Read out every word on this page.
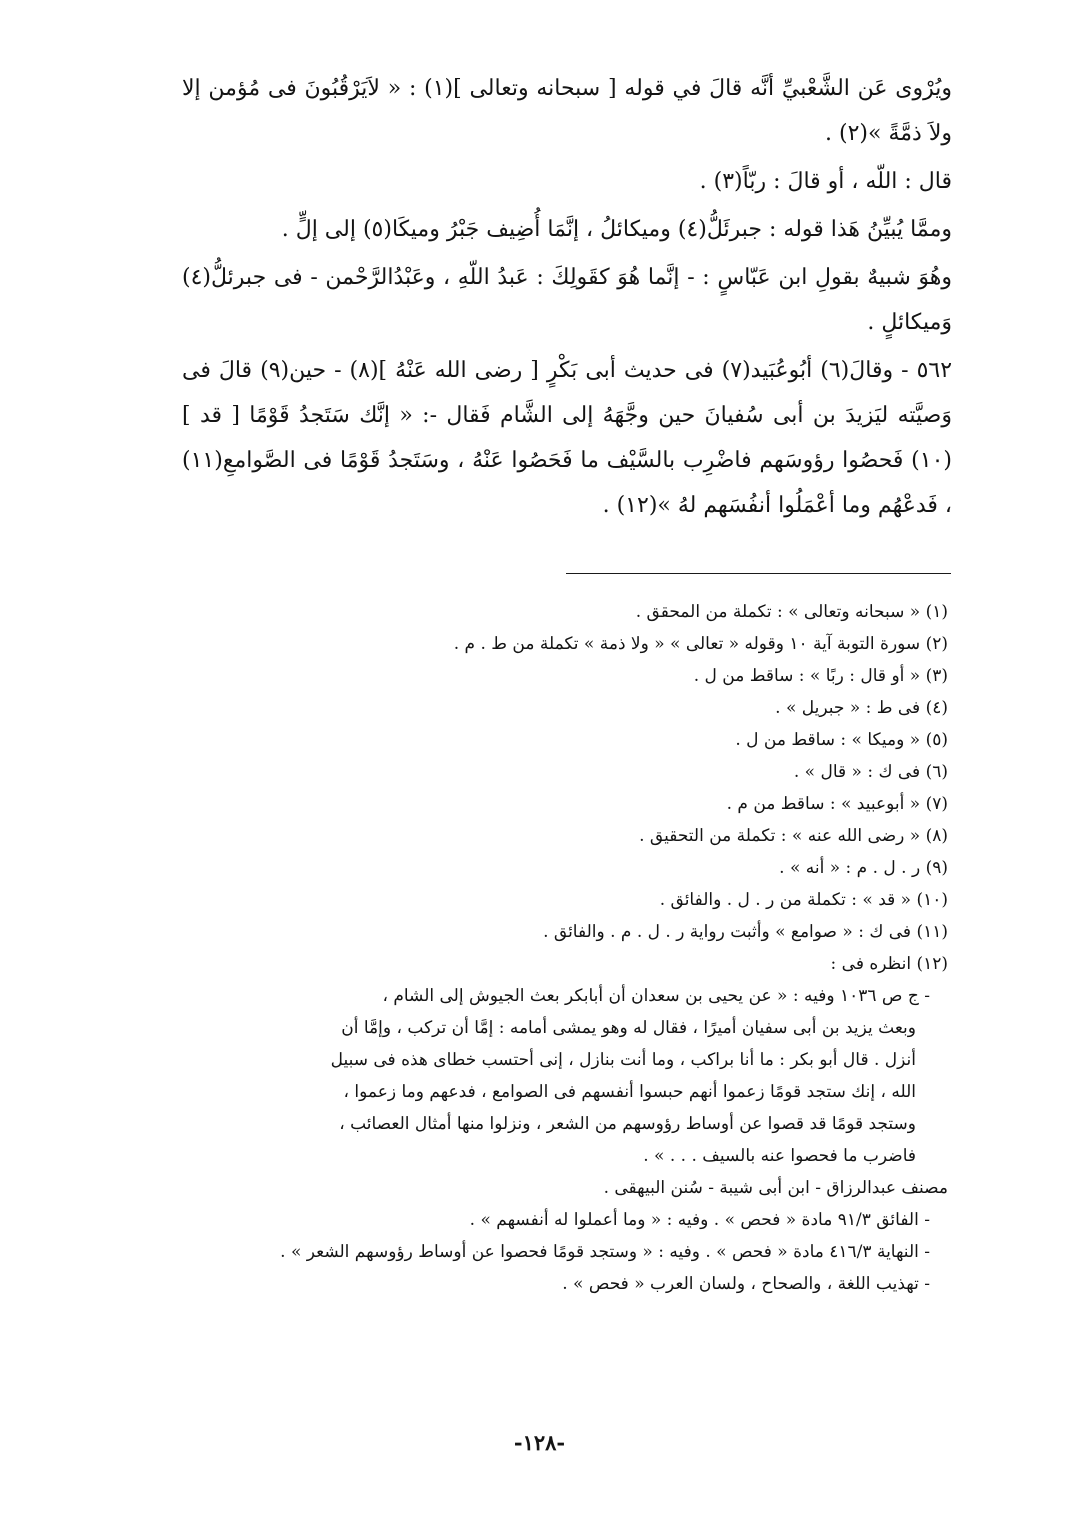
ويُرْوى عَن الشَّعْبيِّ أنَّه قالَ في قوله [ سبحانه وتعالى ](١) : « لاَيَرْقُبُونَ فى مُؤمن إلا ولاَ ذمَّةً »(٢) .

قال : اللّه ، أو قالَ : ربّاً(٣) .

وممَّا يُبيِّنُ هَذا قوله : جبرئَلُّ(٤) وميكائلُ ، إنَّمَا أُضِيف جَبْرُ وميكَا(٥) إلى إلٍّ .

وهُوَ شبيهٌ بقولِ ابن عَبّاسٍ : - إنَّما هُوَ كقَولِكَ : عَبدُ اللّهِ ، وعَبْدُالرَّحْمن - فى جبرئلُّ(٤) وَميكائلٍ .

٥٦٢ - وقالَ(٦) أبُوعُبَيد(٧) فى حديث أبى بَكْرٍ [ رضى الله عَنْهُ ](٨) - حين(٩) قالَ فى وَصيَّته ليَزيدَ بن أبى سُفيانَ حين وجَّهَهُ إلى الشَّام فَقال -: « إنَّك سَتَجدُ قَوْمًا [ قد ](١٠) فَحصُوا رؤوسَهم فاضْرِب بالسَّيْف ما فَحَصُوا عَنْهُ ، وسَتَجدُ قَوْمًا فى الصَّوامعِ(١١) ، فَدعْهُم وما أعْمَلُوا أنفُسَهم لهُ »(١٢) .

(١) « سبحانه وتعالى » : تكملة من المحقق .

(٢) سورة التوبة آية ١٠ وقوله « تعالى » « ولا ذمة » تكملة من ط . م .

(٣) « أو قال : ربًا » : ساقط من ل .

(٤) فى ط : « جبريل » .

(٥) « وميكا » : ساقط من ل .

(٦) فى ك : « قال » .

(٧) « أبوعبيد » : ساقط من م .

(٨) « رضى الله عنه » : تكملة من التحقيق .

(٩) ر . ل . م : « أنه » .

(١٠) « قد » : تكملة من ر . ل . والفائق .

(١١) فى ك : « صوامع » وأثبت رواية ر . ل . م . والفائق .

(١٢) انظره فى :

- ج ص ١٠٣٦ وفيه : « عن يحيى بن سعدان أن أبابكر بعث الجيوش إلى الشام ،

وبعث يزيد بن أبى سفيان أميرًا ، فقال له وهو يمشى أمامه : إمَّا أن تركب ، وإمَّا أن

أنزل . قال أبو بكر : ما أنا براكب ، وما أنت بنازل ، إنى أحتسب خطاى هذه فى سبيل

الله ، إنك ستجد قومًا زعموا أنهم حبسوا أنفسهم فى الصوامع ، فدعهم وما زعموا ،

وستجد قومًا قد قصوا عن أوساط رؤوسهم من الشعر ، ونزلوا منها أمثال العصائب ،

فاضرب ما فحصوا عنه بالسيف . . . » .

مصنف عبدالرزاق - ابن أبى شيبة - سُنن البيهقى .

- الفائق ٩١/٣ مادة « فحص » . وفيه : « وما أعملوا له أنفسهم » .

- النهاية ٤١٦/٣ مادة « فحص » . وفيه : « وستجد قومًا فحصوا عن أوساط رؤوسهم الشعر » .

- تهذيب اللغة ، والصحاح ، ولسان العرب « فحص » .

-١٢٨-
